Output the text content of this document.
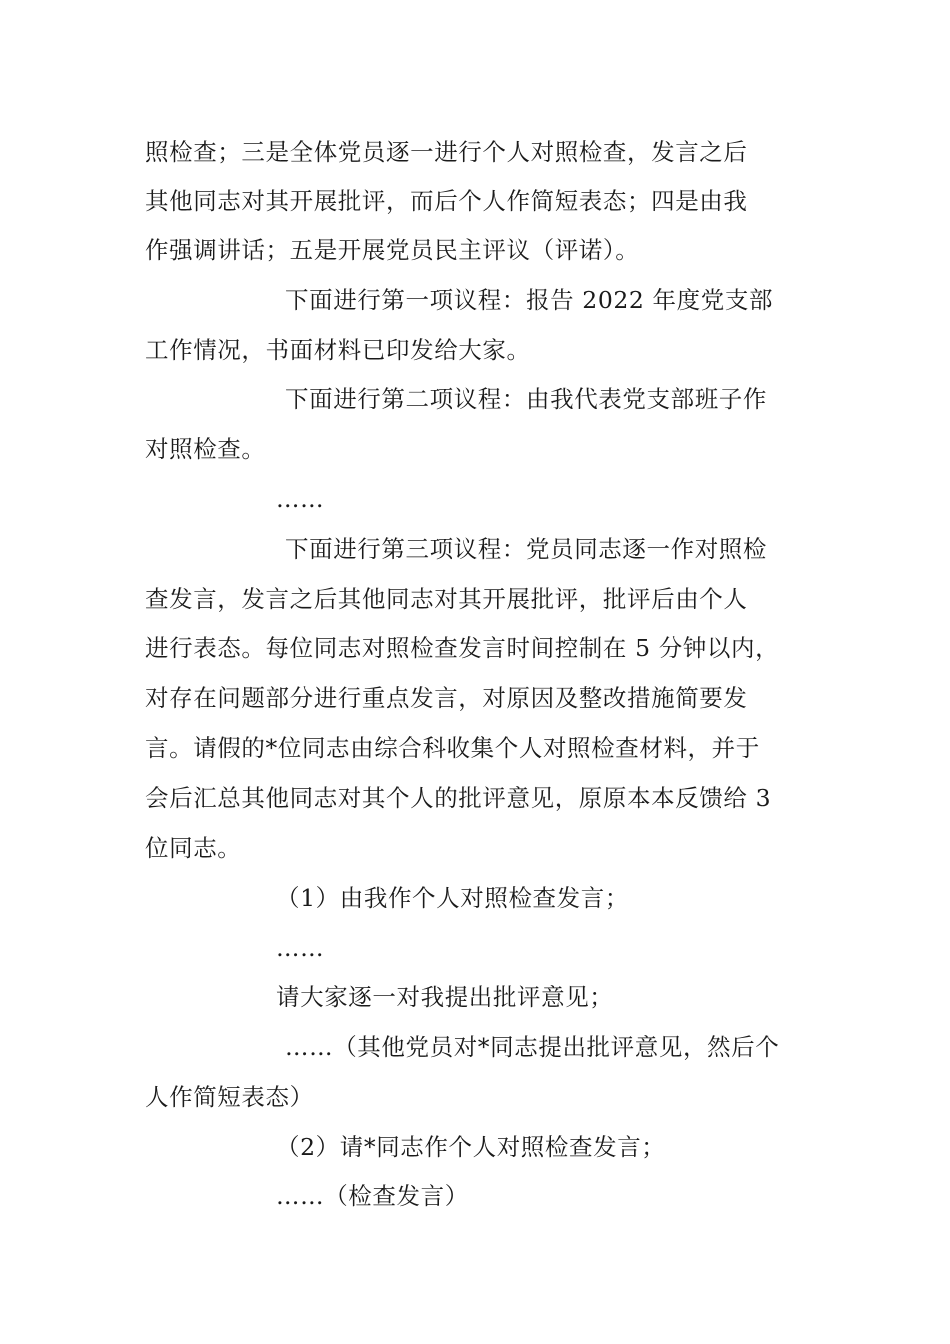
照检查；三是全体党员逐一进行个人对照检查，发言之后
其他同志对其开展批评，而后个人作简短表态；四是由我
作强调讲话；五是开展党员民主评议（评诺）。
下面进行第一项议程：报告 2022 年度党支部
工作情况，书面材料已印发给大家。
下面进行第二项议程：由我代表党支部班子作
对照检查。
……
下面进行第三项议程：党员同志逐一作对照检
查发言，发言之后其他同志对其开展批评，批评后由个人
进行表态。每位同志对照检查发言时间控制在 5 分钟以内，
对存在问题部分进行重点发言，对原因及整改措施简要发
言。请假的*位同志由综合科收集个人对照检查材料，并于
会后汇总其他同志对其个人的批评意见，原原本本反馈给 3
位同志。
（1）由我作个人对照检查发言；
……
请大家逐一对我提出批评意见；
……（其他党员对*同志提出批评意见，然后个
人作简短表态）
（2）请*同志作个人对照检查发言；
……（检查发言）
